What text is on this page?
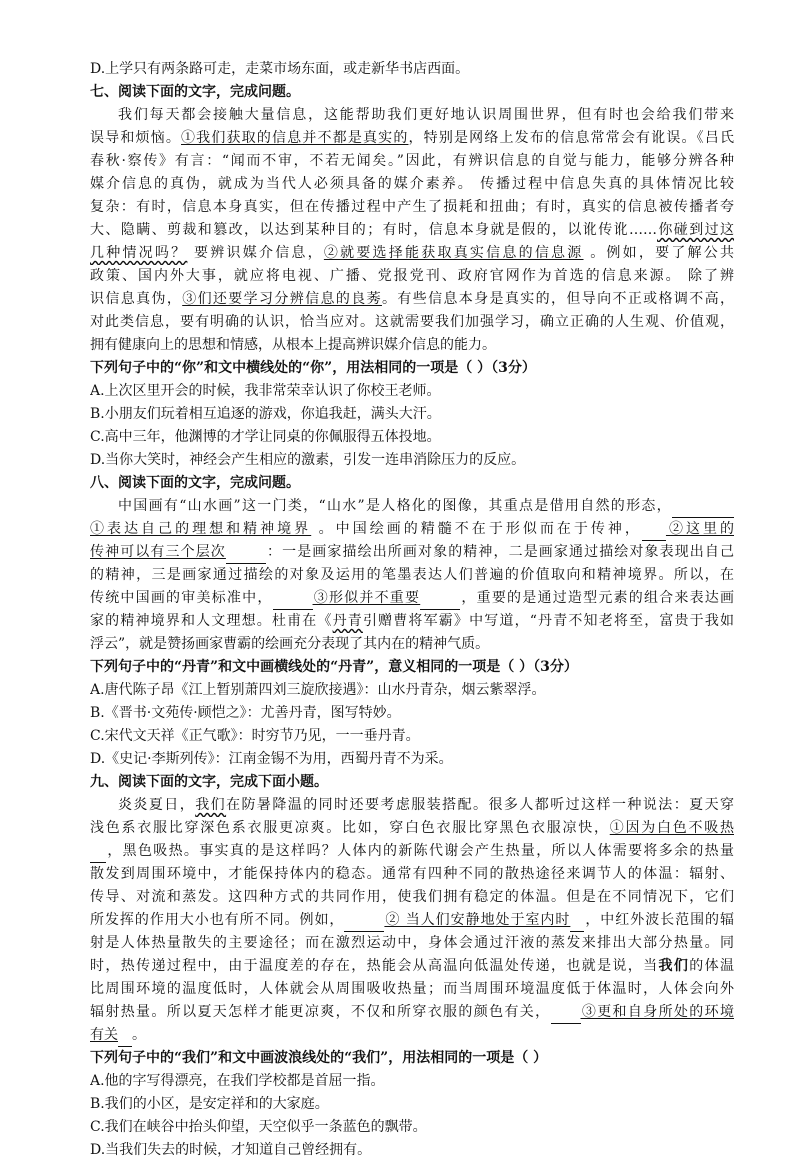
D.上学只有两条路可走，走菜市场东面，或走新华书店西面。
七、阅读下面的文字，完成问题。
我们每天都会接触大量信息，这能帮助我们更好地认识周围世界，但有时也会给我们带来
误导和烦恼。①我们获取的信息并不都是真实的，特别是网络上发布的信息常常会有讹误。《吕氏
春秋·察传》有言：“闻而不审，不若无闻矣。”因此，有辨识信息的自觉与能力，能够分辨各种
媒介信息的真伪，就成为当代人必须具备的媒介素养。 传播过程中信息失真的具体情况比较
复杂：有时，信息本身真实，但在传播过程中产生了损耗和扭曲；有时，真实的信息被传播者夸
大、隐瞒、剪裁和篡改，以达到某种目的；有时，信息本身就是假的，以讹传讹……你碰到过这
几种情况吗？ 要辨识媒介信息，②就要选择能获取真实信息的信息源 。例如，要了解公共
政策、国内外大事，就应将电视、广播、党报党刊、政府官网作为首选的信息来源。 除了辨
识信息真伪，③们还要学习分辨信息的良莠。有些信息本身是真实的，但导向不正或格调不高，
对此类信息，要有明确的认识，恰当应对。这就需要我们加强学习，确立正确的人生观、价值观，
拥有健康向上的思想和情感，从根本上提高辨识媒介信息的能力。
下列句子中的“你”和文中横线处的“你”，用法相同的一项是（ ）（3分）
A.上次区里开会的时候，我非常荣幸认识了你校王老师。
B.小朋友们玩着相互追逐的游戏，你追我赶，满头大汗。
C.高中三年，他渊博的才学让同桌的你佩服得五体投地。
D.当你大笑时，神经会产生相应的激素，引发一连串消除压力的反应。
八、阅读下面的文字，完成问题。
中国画有“山水画”这一门类，“山水”是人格化的图像，其重点是借用自然的形态，
①表达自己的理想和精神境界 。中国绘画的精髓不在于形似而在于传神， ②这里的
传神可以有三个层次	：一是画家描绘出所画对象的精神，二是画家通过描绘对象表现出自己
的精神，三是画家通过描绘的对象及运用的笔墨表达人们普遍的价值取向和精神境界。所以，在
传统中国画的审美标准中，	③形似并不重要	，重要的是通过造型元素的组合来表达画
家的精神境界和人文理想。杜甫在《丹青引赠曹将军霸》中写道，“丹青不知老将至，富贵于我如
浮云”，就是赞扬画家曹霸的绘画充分表现了其内在的精神气质。
下列句子中的“丹青”和文中画横线处的“丹青”，意义相同的一项是（ ）（3分）
A.唐代陈子昂《江上暂别萧四刘三旋欣接遇》：山水丹青杂，烟云紫翠浮。
B.《晋书·文苑传·顾恺之》：尤善丹青，图写特妙。
C.宋代文天祥《正气歌》：时穷节乃见，一一垂丹青。
D.《史记·李斯列传》：江南金锡不为用，西蜀丹青不为采。
九、阅读下面的文字，完成下面小题。
炎炎夏日，我们在防暑降温的同时还要考虑服装搭配。很多人都听过这样一种说法：夏天穿
浅色系衣服比穿深色系衣服更凉爽。比如，穿白色衣服比穿黑色衣服凉快，①因为白色不吸热
，黑色吸热。事实真的是这样吗？人体内的新陈代谢会产生热量，所以人体需要将多余的热量
散发到周围环境中，才能保持体内的稳态。通常有四种不同的散热途径来调节人的体温：辐射、
传导、对流和蒸发。这四种方式的共同作用，使我们拥有稳定的体温。但是在不同情况下，它们
所发挥的作用大小也有所不同。例如，	② 当人们安静地处于室内时 ，中红外波长范围的辐
射是人体热量散失的主要途径；而在激烈运动中，身体会通过汗液的蒸发来排出大部分热量。同
时，热传递过程中，由于温度差的存在，热能会从高温向低温处传递，也就是说，当我们的体温
比周围环境的温度低时，人体就会从周围吸收热量；而当周围环境温度低于体温时，人体会向外
辐射热量。所以夏天怎样才能更凉爽，不仅和所穿衣服的颜色有关， ③更和自身所处的环境
有关 。
下列句子中的“我们”和文中画波浪线处的“我们”，用法相同的一项是（ ）
A.他的字写得漂亮，在我们学校都是首屈一指。
B.我们的小区，是安定祥和的大家庭。
C.我们在峡谷中抬头仰望，天空似乎一条蓝色的飘带。
D.当我们失去的时候，才知道自己曾经拥有。
